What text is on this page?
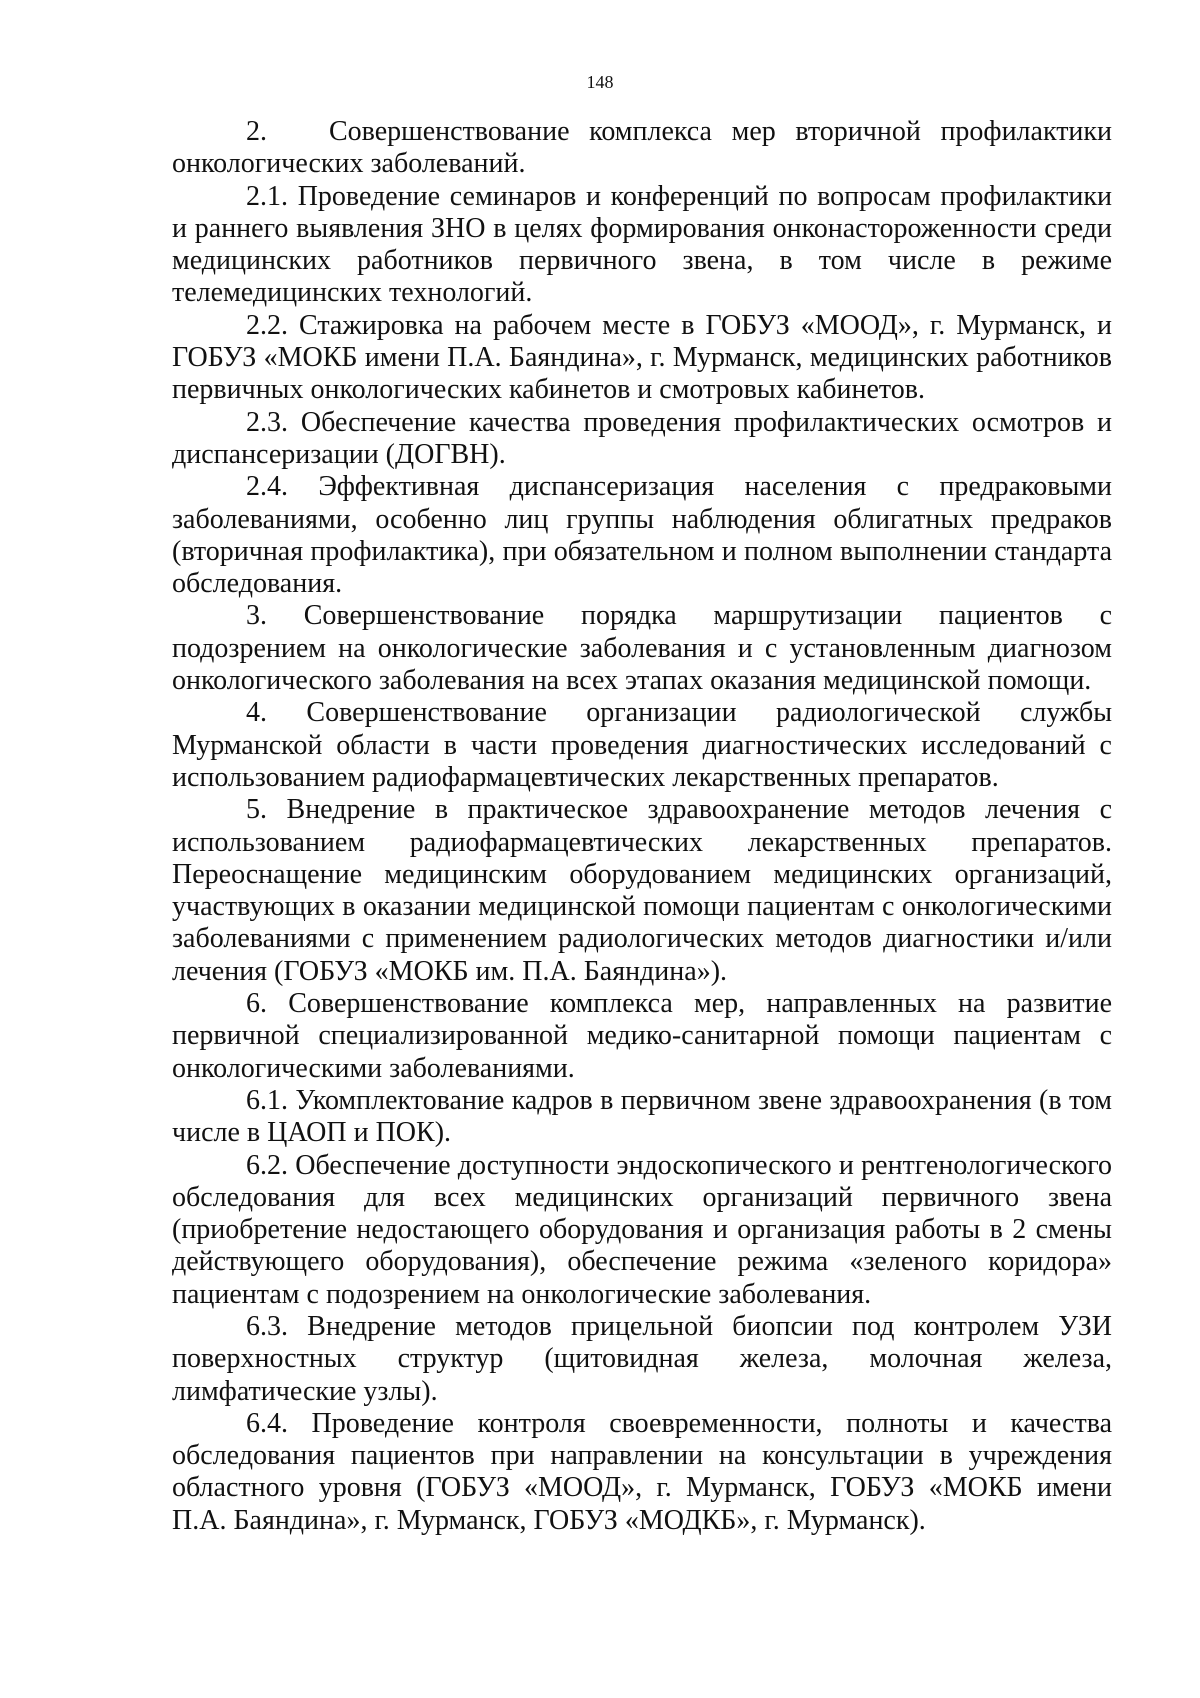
148

2. Совершенствование комплекса мер вторичной профилактики онкологических заболеваний.

2.1. Проведение семинаров и конференций по вопросам профилактики и раннего выявления ЗНО в целях формирования онконастороженности среди медицинских работников первичного звена, в том числе в режиме телемедицинских технологий.

2.2. Стажировка на рабочем месте в ГОБУЗ «МООД», г. Мурманск, и ГОБУЗ «МОКБ имени П.А. Баяндина», г. Мурманск, медицинских работников первичных онкологических кабинетов и смотровых кабинетов.

2.3. Обеспечение качества проведения профилактических осмотров и диспансеризации (ДОГВН).

2.4. Эффективная диспансеризация населения с предраковыми заболеваниями, особенно лиц группы наблюдения облигатных предраков (вторичная профилактика), при обязательном и полном выполнении стандарта обследования.

3. Совершенствование порядка маршрутизации пациентов с подозрением на онкологические заболевания и с установленным диагнозом онкологического заболевания на всех этапах оказания медицинской помощи.

4. Совершенствование организации радиологической службы Мурманской области в части проведения диагностических исследований с использованием радиофармацевтических лекарственных препаратов.

5. Внедрение в практическое здравоохранение методов лечения с использованием радиофармацевтических лекарственных препаратов. Переоснащение медицинским оборудованием медицинских организаций, участвующих в оказании медицинской помощи пациентам с онкологическими заболеваниями с применением радиологических методов диагностики и/или лечения (ГОБУЗ «МОКБ им. П.А. Баяндина»).

6. Совершенствование комплекса мер, направленных на развитие первичной специализированной медико-санитарной помощи пациентам с онкологическими заболеваниями.

6.1. Укомплектование кадров в первичном звене здравоохранения (в том числе в ЦАОП и ПОК).

6.2. Обеспечение доступности эндоскопического и рентгенологического обследования для всех медицинских организаций первичного звена (приобретение недостающего оборудования и организация работы в 2 смены действующего оборудования), обеспечение режима «зеленого коридора» пациентам с подозрением на онкологические заболевания.

6.3. Внедрение методов прицельной биопсии под контролем УЗИ поверхностных структур (щитовидная железа, молочная железа, лимфатические узлы).

6.4. Проведение контроля своевременности, полноты и качества обследования пациентов при направлении на консультации в учреждения областного уровня (ГОБУЗ «МООД», г. Мурманск, ГОБУЗ «МОКБ имени П.А. Баяндина», г. Мурманск, ГОБУЗ «МОДКБ», г. Мурманск).
